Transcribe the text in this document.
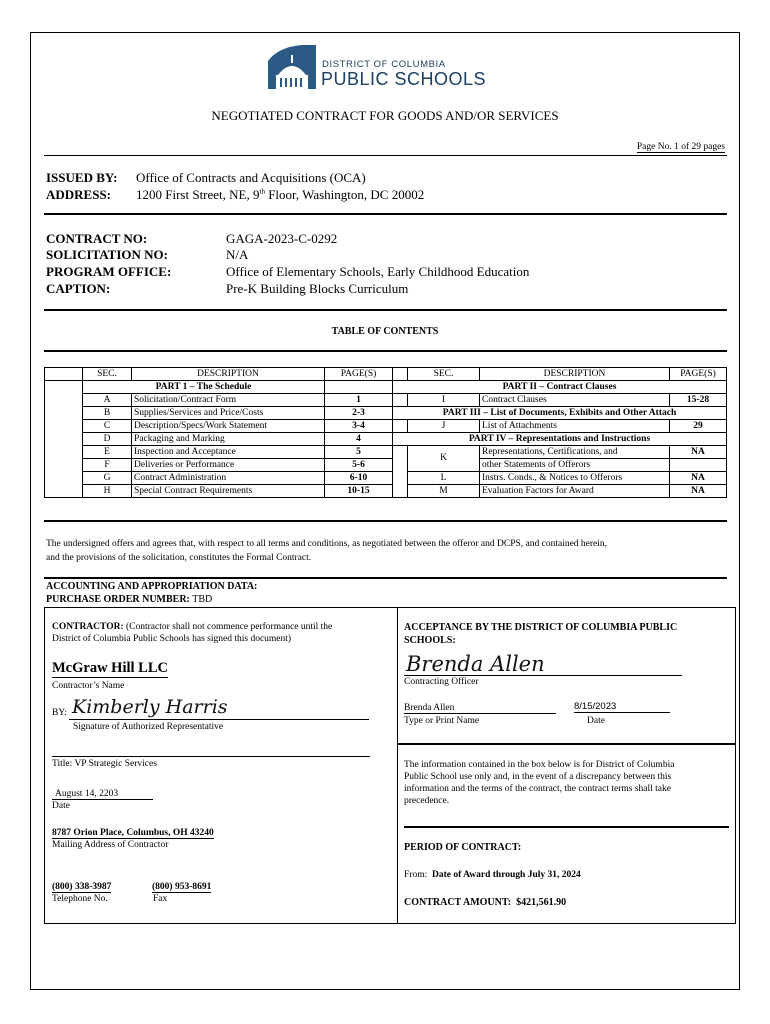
DISTRICT OF COLUMBIA
PUBLIC SCHOOLS
NEGOTIATED CONTRACT FOR GOODS AND/OR SERVICES
Page No. 1 of 29 pages
ISSUED BY: Office of Contracts and Acquisitions (OCA)
ADDRESS: 1200 First Street, NE, 9th Floor, Washington, DC 20002
CONTRACT NO:	GAGA-2023-C-0292
SOLICITATION NO:	N/A
PROGRAM OFFICE:	Office of Elementary Schools, Early Childhood Education
CAPTION:	Pre-K Building Blocks Curriculum
TABLE OF CONTENTS
	SEC.	DESCRIPTION	PAGE(S)		SEC.	DESCRIPTION	PAGE(S)
	PART 1 – The Schedule			PART II – Contract Clauses			
	A	Solicitation/Contract Form	1		I	Contract Clauses	15-28
	B	Supplies/Services and Price/Costs	2-3	PART III – List of Documents, Exhibits and Other Attach			
	C	Description/Specs/Work Statement	3-4		J	List of Attachments	29
	D	Packaging and Marking	4	PART IV – Representations and Instructions			
	E	Inspection and Acceptance	5		K	Representations, Certifications, and	NA
	F	Deliveries or Performance	5-6			other Statements of Offerors	
	G	Contract Administration	6-10		L	Instrs. Conds., & Notices to Offerors	NA
	H	Special Contract Requirements	10-15		M	Evaluation Factors for Award	NA
The undersigned offers and agrees that, with respect to all terms and conditions, as negotiated between the offeror and DCPS, and contained herein,
and the provisions of the solicitation, constitutes the Formal Contract.
ACCOUNTING AND APPROPRIATION DATA:
PURCHASE ORDER NUMBER: TBD
CONTRACTOR: (Contractor shall not commence performance until the
District of Columbia Public Schools has signed this document)
McGraw Hill LLC
Contractor’s Name
BY: Kimberly Harris
Signature of Authorized Representative
Title: VP Strategic Services
August 14, 2203
Date
8787 Orion Place, Columbus, OH 43240
Mailing Address of Contractor
(800) 338-3987	(800) 953-8691
Telephone No.	Fax
ACCEPTANCE BY THE DISTRICT OF COLUMBIA PUBLIC
SCHOOLS:
Brenda Allen
Contracting Officer
Brenda Allen	8/15/2023
Type or Print Name	Date
The information contained in the box below is for District of Columbia
Public School use only and, in the event of a discrepancy between this
information and the terms of the contract, the contract terms shall take
precedence.
PERIOD OF CONTRACT:
From: Date of Award through July 31, 2024
CONTRACT AMOUNT: $421,561.90
